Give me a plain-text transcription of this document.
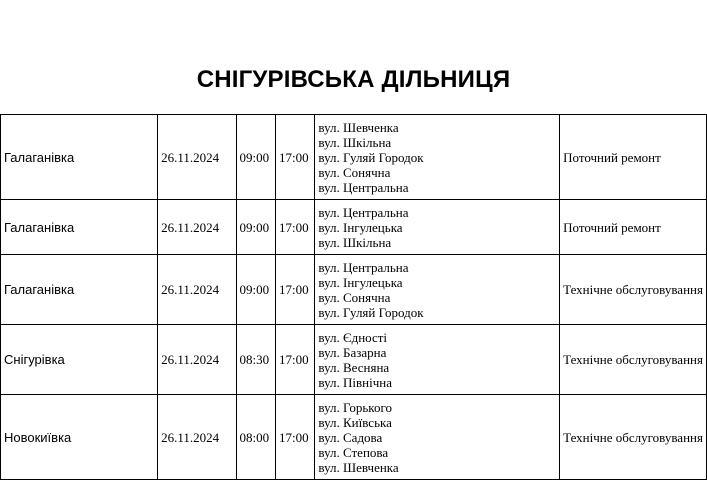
СНІГУРІВСЬКА ДІЛЬНИЦЯ
Галаганівка	26.11.2024	09:00	17:00	вул. Шевченка
вул. Шкільна
вул. Гуляй Городок
вул. Сонячна
вул. Центральна	Поточний ремонт
Галаганівка	26.11.2024	09:00	17:00	вул. Центральна
вул. Інгулецька
вул. Шкільна	Поточний ремонт
Галаганівка	26.11.2024	09:00	17:00	вул. Центральна
вул. Інгулецька
вул. Сонячна
вул. Гуляй Городок	Технічне обслуговування
Снігурівка	26.11.2024	08:30	17:00	вул. Єдності
вул. Базарна
вул. Весняна
вул. Північна	Технічне обслуговування
Новокиївка	26.11.2024	08:00	17:00	вул. Горького
вул. Київська
вул. Садова
вул. Степова
вул. Шевченка	Технічне обслуговування
